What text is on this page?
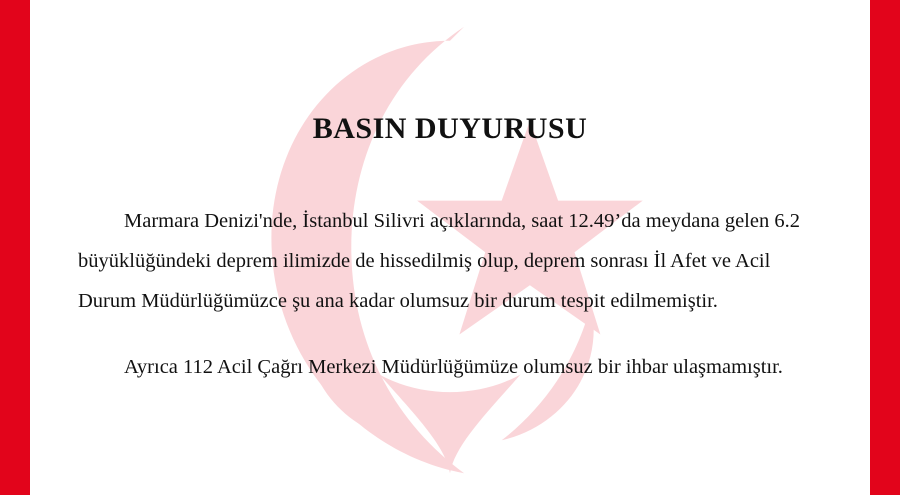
BASIN DUYURUSU

Marmara Denizi'nde, İstanbul Silivri açıklarında, saat 12.49’da meydana gelen 6.2 büyüklüğündeki deprem ilimizde de hissedilmiş olup, deprem sonrası İl Afet ve Acil Durum Müdürlüğümüzce şu ana kadar olumsuz bir durum tespit edilmemiştir.

Ayrıca 112 Acil Çağrı Merkezi Müdürlüğümüze olumsuz bir ihbar ulaşmamıştır.
